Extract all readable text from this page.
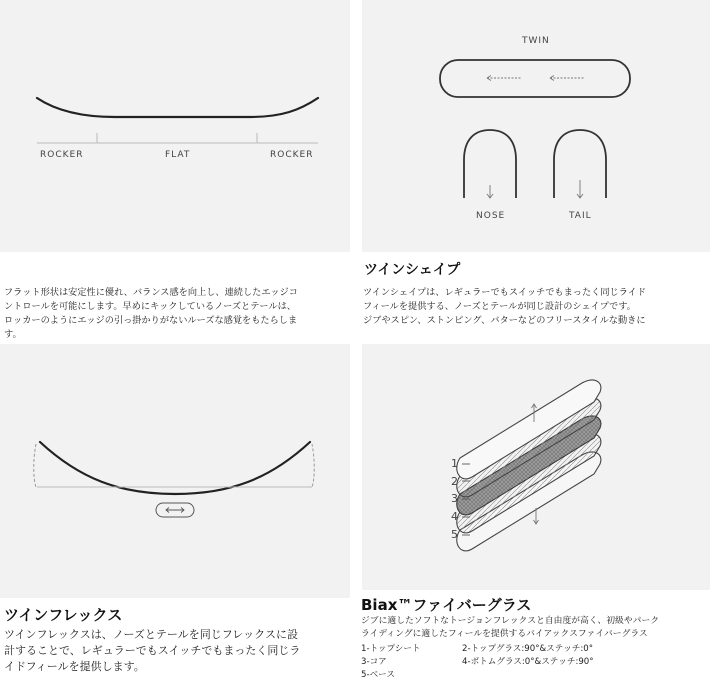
ROCKER	FLAT	ROCKER
フラット形状は安定性に優れ、バランス感を向上し、連続したエッジコ
ントロールを可能にします。早めにキックしているノーズとテールは、
ロッカーのようにエッジの引っ掛かりがないルーズな感覚をもたらしま
す。
TWIN
NOSE	TAIL
ツインシェイプ
ツインシェイプは、レギュラーでもスイッチでもまったく同じライド
フィールを提供する、ノーズとテールが同じ設計のシェイプです。
ジブやスピン、ストンピング、バターなどのフリースタイルな動きに
ツインフレックス
ツインフレックスは、ノーズとテールを同じフレックスに設
計することで、レギュラーでもスイッチでもまったく同じラ
イドフィールを提供します。
1
2
3
4
5
Biax™ファイバーグラス
ジブに適したソフトなトージョンフレックスと自由度が高く、初級やパーク
ライディングに適したフィールを提供するバイアックスファイバーグラス
1-トップシート	2-トップグラス:90°&ステッチ:0°
3-コア	4-ボトムグラス:0°&ステッチ:90°
5-ベース
